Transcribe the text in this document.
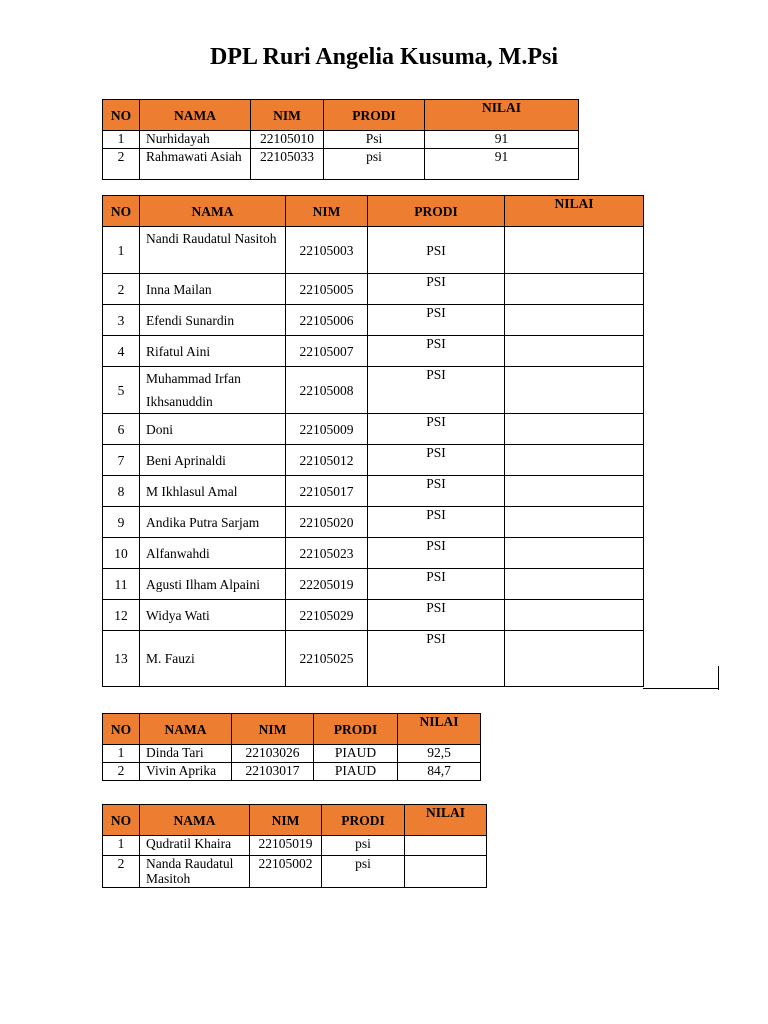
DPL Ruri Angelia Kusuma, M.Psi
NO	NAMA	NIM	PRODI	NILAI
1	Nurhidayah	22105010	Psi	91
2	Rahmawati Asiah	22105033	psi	91
NO	NAMA	NIM	PRODI	NILAI
1	Nandi Raudatul Nasitoh	22105003	PSI	
2	Inna Mailan	22105005	PSI	
3	Efendi Sunardin	22105006	PSI	
4	Rifatul Aini	22105007	PSI	
5	Muhammad Irfan Ikhsanuddin	22105008	PSI	
6	Doni	22105009	PSI	
7	Beni Aprinaldi	22105012	PSI	
8	M Ikhlasul Amal	22105017	PSI	
9	Andika Putra Sarjam	22105020	PSI	
10	Alfanwahdi	22105023	PSI	
11	Agusti Ilham Alpaini	22205019	PSI	
12	Widya Wati	22105029	PSI	
13	M. Fauzi	22105025	PSI	
NO	NAMA	NIM	PRODI	NILAI
1	Dinda Tari	22103026	PIAUD	92,5
2	Vivin Aprika	22103017	PIAUD	84,7
NO	NAMA	NIM	PRODI	NILAI
1	Qudratil Khaira	22105019	psi	
2	Nanda Raudatul Masitoh	22105002	psi	
